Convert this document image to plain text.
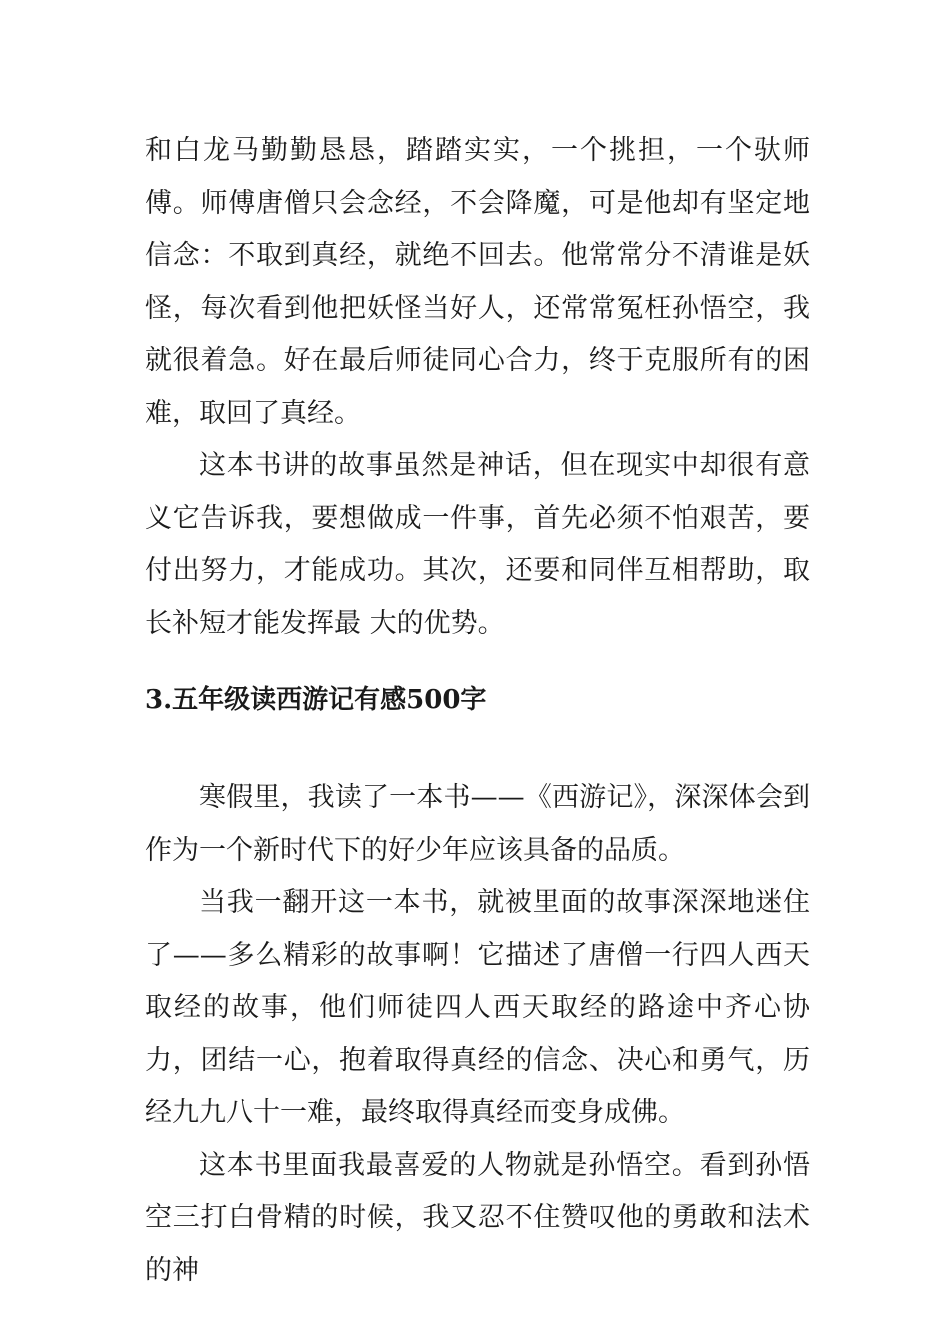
和白龙马勤勤恳恳，踏踏实实，一个挑担，一个驮师傅。师傅唐僧只会念经，不会降魔，可是他却有坚定地信念：不取到真经，就绝不回去。他常常分不清谁是妖怪，每次看到他把妖怪当好人，还常常冤枉孙悟空，我就很着急。好在最后师徒同心合力，终于克服所有的困难，取回了真经。

这本书讲的故事虽然是神话，但在现实中却很有意义它告诉我，要想做成一件事，首先必须不怕艰苦，要付出努力，才能成功。其次，还要和同伴互相帮助，取长补短才能发挥最 大的优势。

3.五年级读西游记有感500字

寒假里，我读了一本书——《西游记》，深深体会到作为一个新时代下的好少年应该具备的品质。

当我一翻开这一本书，就被里面的故事深深地迷住了——多么精彩的故事啊！它描述了唐僧一行四人西天取经的故事，他们师徒四人西天取经的路途中齐心协力，团结一心，抱着取得真经的信念、决心和勇气，历经九九八十一难，最终取得真经而变身成佛。

这本书里面我最喜爱的人物就是孙悟空。看到孙悟空三打白骨精的时候，我又忍不住赞叹他的勇敢和法术的神
